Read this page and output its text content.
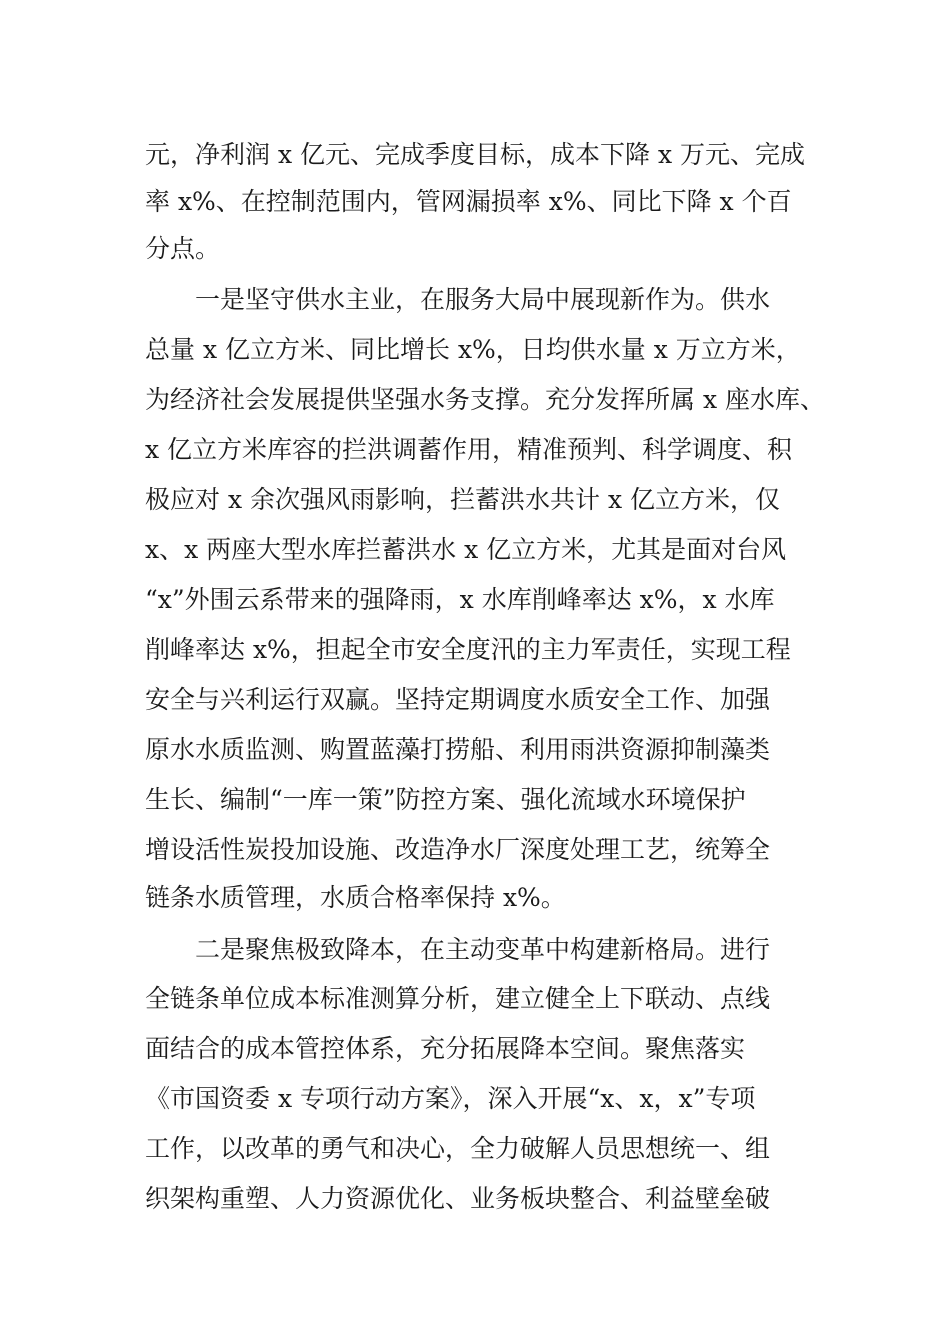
元，净利润 x 亿元、完成季度目标，成本下降 x 万元、完成
率 x%、在控制范围内，管网漏损率 x%、同比下降 x 个百
分点。
一是坚守供水主业，在服务大局中展现新作为。供水
总量 x 亿立方米、同比增长 x%，日均供水量 x 万立方米，
为经济社会发展提供坚强水务支撑。充分发挥所属 x 座水库、
x 亿立方米库容的拦洪调蓄作用，精准预判、科学调度、积
极应对 x 余次强风雨影响，拦蓄洪水共计 x 亿立方米，仅
x、x 两座大型水库拦蓄洪水 x 亿立方米，尤其是面对台风
“x”外围云系带来的强降雨，x 水库削峰率达 x%，x 水库
削峰率达 x%，担起全市安全度汛的主力军责任，实现工程
安全与兴利运行双赢。坚持定期调度水质安全工作、加强
原水水质监测、购置蓝藻打捞船、利用雨洪资源抑制藻类
生长、编制“一库一策”防控方案、强化流域水环境保护
增设活性炭投加设施、改造净水厂深度处理工艺，统筹全
链条水质管理，水质合格率保持 x%。
二是聚焦极致降本，在主动变革中构建新格局。进行
全链条单位成本标准测算分析，建立健全上下联动、点线
面结合的成本管控体系，充分拓展降本空间。聚焦落实
《市国资委 x 专项行动方案》，深入开展“x、x，x”专项
工作，以改革的勇气和决心，全力破解人员思想统一、组
织架构重塑、人力资源优化、业务板块整合、利益壁垒破
